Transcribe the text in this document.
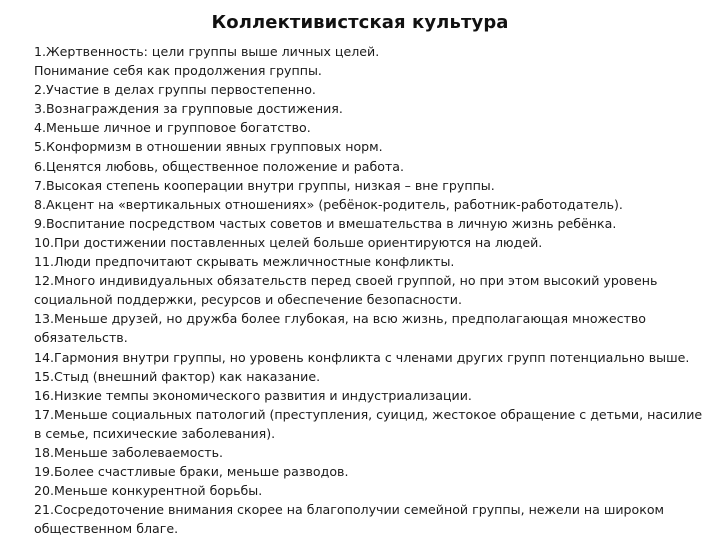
Коллективистская культура
1.Жертвенность: цели группы выше личных целей.
Понимание себя как продолжения группы.
2.Участие в делах группы первостепенно.
3.Вознаграждения за групповые достижения.
4.Меньше личное и групповое богатство.
5.Конформизм в отношении явных групповых норм.
6.Ценятся любовь, общественное положение и работа.
7.Высокая степень кооперации внутри группы, низкая – вне группы.
8.Акцент на «вертикальных отношениях» (ребёнок-родитель, работник-работодатель).
9.Воспитание посредством частых советов и вмешательства в личную жизнь ребёнка.
10.При достижении поставленных целей больше ориентируются на людей.
11.Люди предпочитают скрывать межличностные конфликты.
12.Много индивидуальных обязательств перед своей группой, но при этом высокий уровень
социальной поддержки, ресурсов и обеспечение безопасности.
13.Меньше друзей, но дружба более глубокая, на всю жизнь, предполагающая множество
обязательств.
14.Гармония внутри группы, но уровень конфликта с членами других групп потенциально выше.
15.Стыд (внешний фактор) как наказание.
16.Низкие темпы экономического развития и индустриализации.
17.Меньше социальных патологий (преступления, суицид, жестокое обращение с детьми, насилие
в семье, психические заболевания).
18.Меньше заболеваемость.
19.Более счастливые браки, меньше разводов.
20.Меньше конкурентной борьбы.
21.Сосредоточение внимания скорее на благополучии семейной группы, нежели на широком
общественном благе.
